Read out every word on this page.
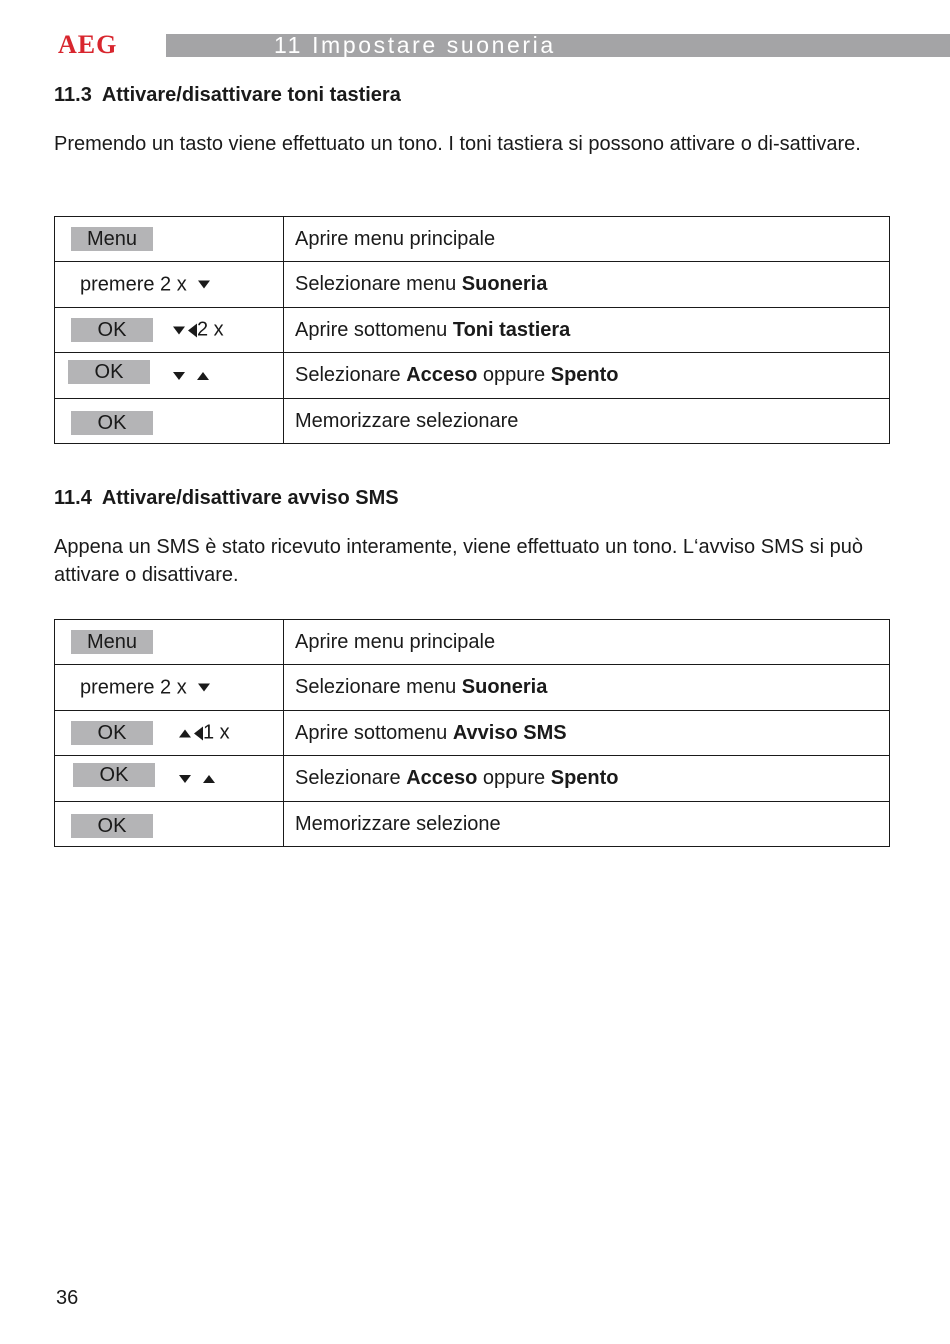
AEG	11 Impostare suoneria
11.3 Attivare/disattivare toni tastiera

Premendo un tasto viene effettuato un tono. I toni tastiera si possono attivare o di-sattivare.

Menu	Aprire menu principale

premere 2 x	Selezionare menu Suoneria

OK 2 x	Aprire sottomenu Toni tastiera

OK	Selezionare Acceso oppure Spento

OK	Memorizzare selezionare
11.4 Attivare/disattivare avviso SMS

Appena un SMS è stato ricevuto interamente, viene effettuato un tono. L‘avviso SMS si può attivare o disattivare.

Menu	Aprire menu principale

premere 2 x	Selezionare menu Suoneria

OK 1 x	Aprire sottomenu Avviso SMS

OK	Selezionare Acceso oppure Spento

OK	Memorizzare selezione
36
